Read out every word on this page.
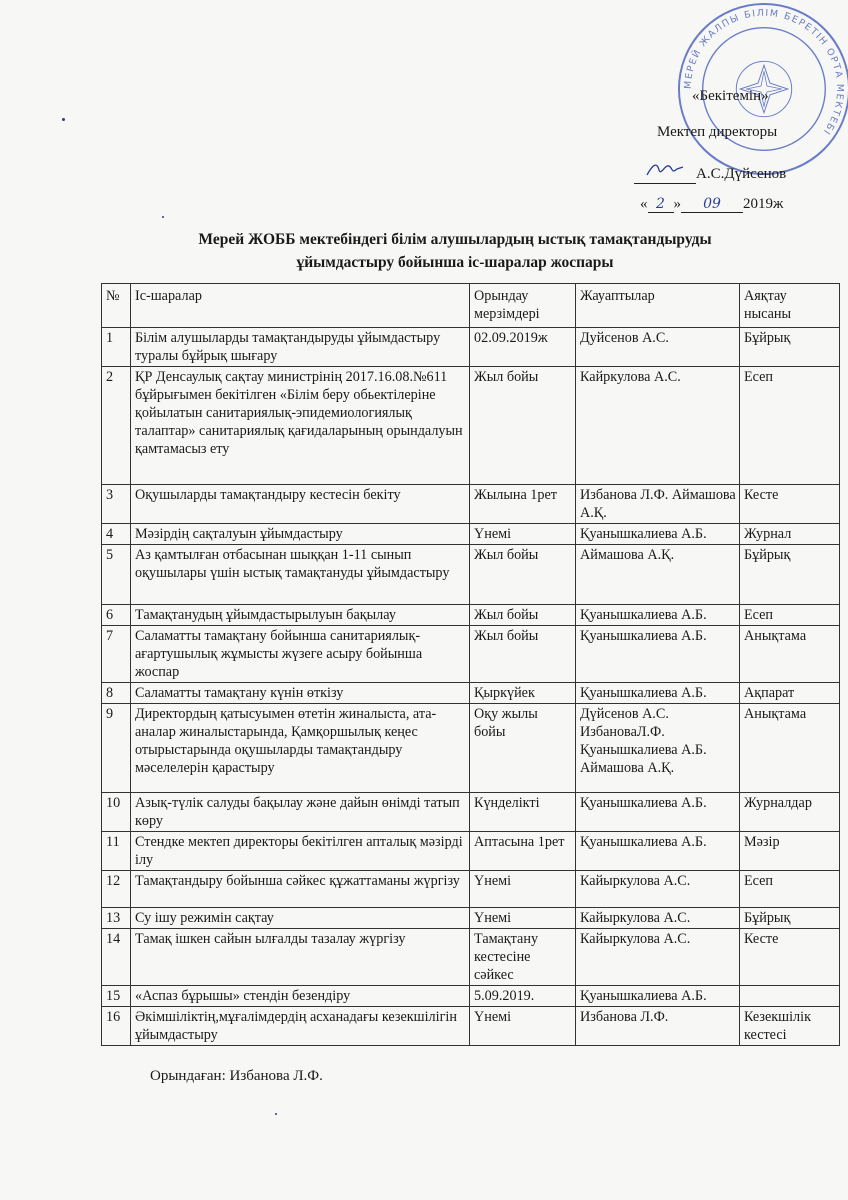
МЕРЕЙ ЖАЛПЫ БІЛІМ БЕРЕТІН ОРТА МЕКТЕБІ
«Бекітемін»
Мектеп директоры
А.С.Дүйсенов
« 2 » 09 2019ж
Мерей ЖОББ мектебіндегі білім алушылардың ыстық тамақтандыруды
ұйымдастыру бойынша іс-шаралар жоспары
№	Іс-шаралар	Орындау мерзімдері	Жауаптылар	Аяқтау нысаны
1	Білім алушыларды тамақтандыруды ұйымдастыру туралы бұйрық шығару	02.09.2019ж	Дуйсенов А.С.	Бұйрық
2	ҚР Денсаулық сақтау министрінің 2017.16.08.№611 бұйрығымен бекітілген «Білім беру обьектілеріне қойылатын санитариялық-эпидемиологиялық талаптар» санитариялық қағидаларының орындалуын қамтамасыз ету	Жыл бойы	Кайркулова А.С.	Есеп
3	Оқушыларды тамақтандыру кестесін бекіту	Жылына 1рет	Избанова Л.Ф. Аймашова А.Қ.	Кесте
4	Мәзірдің сақталуын ұйымдастыру	Үнемі	Қуанышкалиева А.Б.	Журнал
5	Аз қамтылған отбасынан шыққан 1-11 сынып оқушылары үшін ыстық тамақтануды ұйымдастыру	Жыл бойы	Аймашова А.Қ.	Бұйрық
6	Тамақтанудың ұйымдастырылуын бақылау	Жыл бойы	Қуанышкалиева А.Б.	Есеп
7	Саламатты тамақтану бойынша санитариялық-ағартушылық жұмысты жүзеге асыру бойынша жоспар	Жыл бойы	Қуанышкалиева А.Б.	Анықтама
8	Саламатты тамақтану күнін өткізу	Қыркүйек	Қуанышкалиева А.Б.	Ақпарат
9	Директордың қатысуымен өтетін жиналыста, ата-аналар жиналыстарында, Қамқоршылық кеңес отырыстарында оқушыларды тамақтандыру мәселелерін қарастыру	Оқу жылы бойы	Дүйсенов А.С. ИзбановаЛ.Ф. Қуанышкалиева А.Б. Аймашова А.Қ.	Анықтама
10	Азық-түлік салуды бақылау және дайын өнімді татып көру	Күнделікті	Қуанышкалиева А.Б.	Журналдар
11	Стендке мектеп директоры бекітілген апталық мәзірді ілу	Аптасына 1рет	Қуанышкалиева А.Б.	Мәзір
12	Тамақтандыру бойынша сәйкес құжаттаманы жүргізу	Үнемі	Кайыркулова А.С.	Есеп
13	Су ішу режимін сақтау	Үнемі	Кайыркулова А.С.	Бұйрық
14	Тамақ ішкен сайын ылғалды тазалау жүргізу	Тамақтану кестесіне сәйкес	Кайыркулова А.С.	Кесте
15	«Аспаз бұрышы» стендін безендіру	5.09.2019.	Қуанышкалиева А.Б.	
16	Әкімшіліктің,мұғалімдердің асханадағы кезекшілігін ұйымдастыру	Үнемі	Избанова Л.Ф.	Кезекшілік кестесі
Орындаған: Избанова Л.Ф.
